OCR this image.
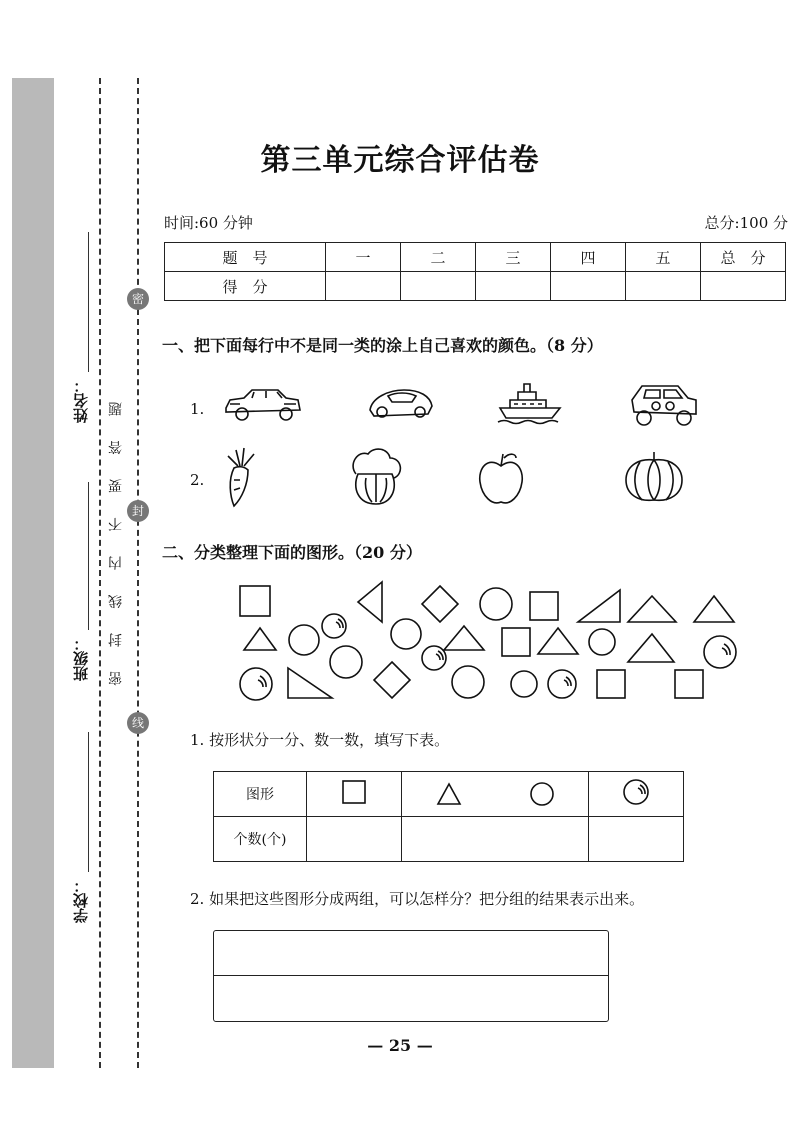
姓名：
班级：
学校：
密 封 线 内 不 要 答 题
密
封
线
第三单元综合评估卷
时间:60 分钟	总分:100 分
题　号	一	二	三	四	五	总　分
得　分						
一、把下面每行中不是同一类的涂上自己喜欢的颜色。（8 分）
1.
2.
二、分类整理下面的图形。（20 分）
1. 按形状分一分、数一数，填写下表。
图形		

个数(个)			
2. 如果把这些图形分成两组，可以怎样分？把分组的结果表示出来。
— 25 —
